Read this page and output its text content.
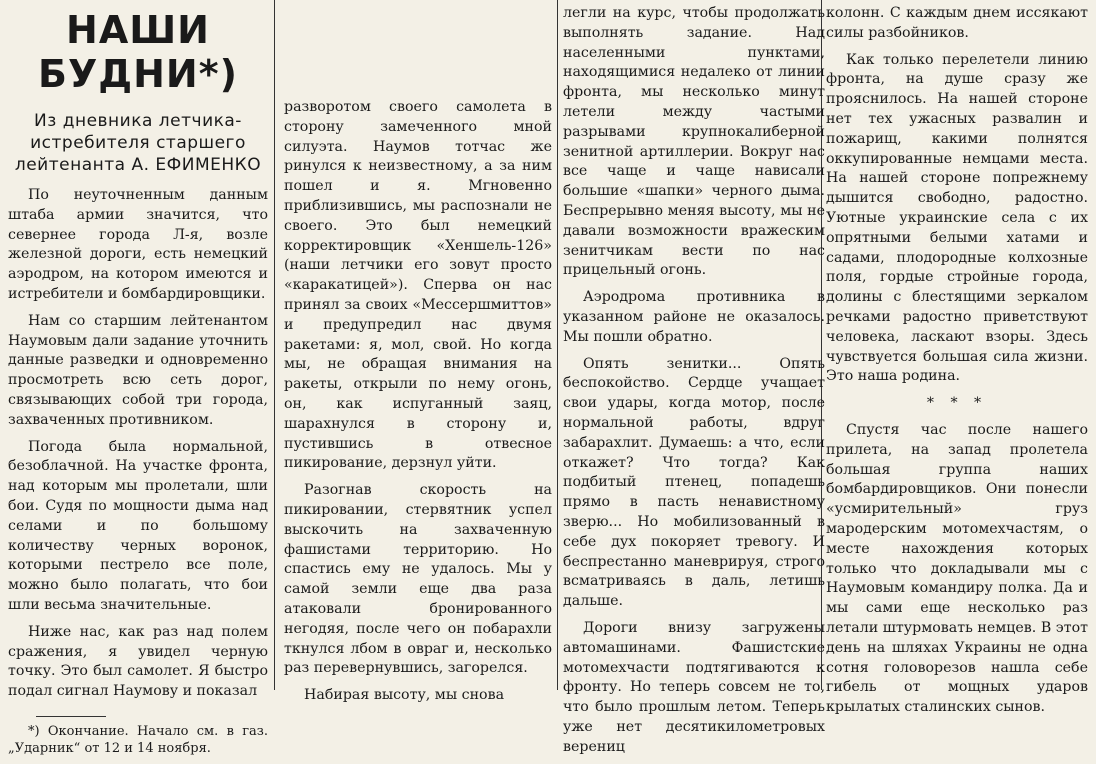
НАШИ БУДНИ*)
Из дневника летчика-истребителя старшего лейтенанта А. ЕФИМЕНКО

По неуточненным данным штаба армии значится, что севернее города Л-я, возле железной дороги, есть немецкий аэродром, на котором имеются и истребители и бомбардировщики.

Нам со старшим лейтенантом Наумовым дали задание уточнить данные разведки и одновременно просмотреть всю сеть дорог, связывающих собой три города, захваченных противником.

Погода была нормальной, безоблачной. На участке фронта, над которым мы пролетали, шли бои. Судя по мощности дыма над селами и по большому количеству черных воронок, которыми пестрело все поле, можно было полагать, что бои шли весьма значительные.

Ниже нас, как раз над полем сражения, я увидел черную точку. Это был самолет. Я быстро подал сигнал Наумову и показал

*) Окончание. Начало см. в газ. „Ударник“ от 12 и 14 ноября.

разворотом своего самолета в сторону замеченного мной силуэта. Наумов тотчас же ринулся к неизвестному, а за ним пошел и я. Мгновенно приблизившись, мы распознали не своего. Это был немецкий корректировщик «Хеншель-126» (наши летчики его зовут просто «каракатицей»). Сперва он нас принял за своих «Мессершмиттов» и предупредил нас двумя ракетами: я, мол, свой. Но когда мы, не обращая внимания на ракеты, открыли по нему огонь, он, как испуганный заяц, шарахнулся в сторону и, пустившись в отвесное пикирование, дерзнул уйти.

Разогнав скорость на пикировании, стервятник успел выскочить на захваченную фашистами территорию. Но спастись ему не удалось. Мы у самой земли еще два раза атаковали бронированного негодяя, после чего он побарахли ткнулся лбом в овраг и, несколько раз перевернувшись, загорелся.

Набирая высоту, мы снова

легли на курс, чтобы продолжать выполнять задание. Над населенными пунктами, находящимися недалеко от линии фронта, мы несколько минут летели между частыми разрывами крупнокалиберной зенитной артиллерии. Вокруг нас все чаще и чаще нависали большие «шапки» черного дыма. Беспрерывно меняя высоту, мы не давали возможности вражеским зенитчикам вести по нас прицельный огонь.

Аэродрома противника в указанном районе не оказалось. Мы пошли обратно.

Опять зенитки... Опять беспокойство. Сердце учащает свои удары, когда мотор, после нормальной работы, вдруг забарахлит. Думаешь: а что, если откажет? Что тогда? Как подбитый птенец, попадешь прямо в пасть ненавистному зверю... Но мобилизованный в себе дух покоряет тревогу. И беспрестанно маневрируя, строго всматриваясь в даль, летишь дальше.

Дороги внизу загружены автомашинами. Фашистские мотомехчасти подтягиваются к фронту. Но теперь совсем не то, что было прошлым летом. Теперь уже нет десятикилометровых верениц

колонн. С каждым днем иссякают силы разбойников.

Как только перелетели линию фронта, на душе сразу же прояснилось. На нашей стороне нет тех ужасных развалин и пожарищ, какими полнятся оккупированные немцами места. На нашей стороне попрежнему дышится свободно, радостно. Уютные украинские села с их опрятными белыми хатами и садами, плодородные колхозные поля, гордые стройные города, долины с блестящими зеркалом речками радостно приветствуют человека, ласкают взоры. Здесь чувствуется большая сила жизни. Это наша родина.

* * *

Спустя час после нашего прилета, на запад пролетела большая группа наших бомбардировщиков. Они понесли «усмирительный» груз мародерским мотомехчастям, о месте нахождения которых только что докладывали мы с Наумовым командиру полка. Да и мы сами еще несколько раз летали штурмовать немцев. В этот день на шляхах Украины не одна сотня головорезов нашла себе гибель от мощных ударов крылатых сталинских сынов.
